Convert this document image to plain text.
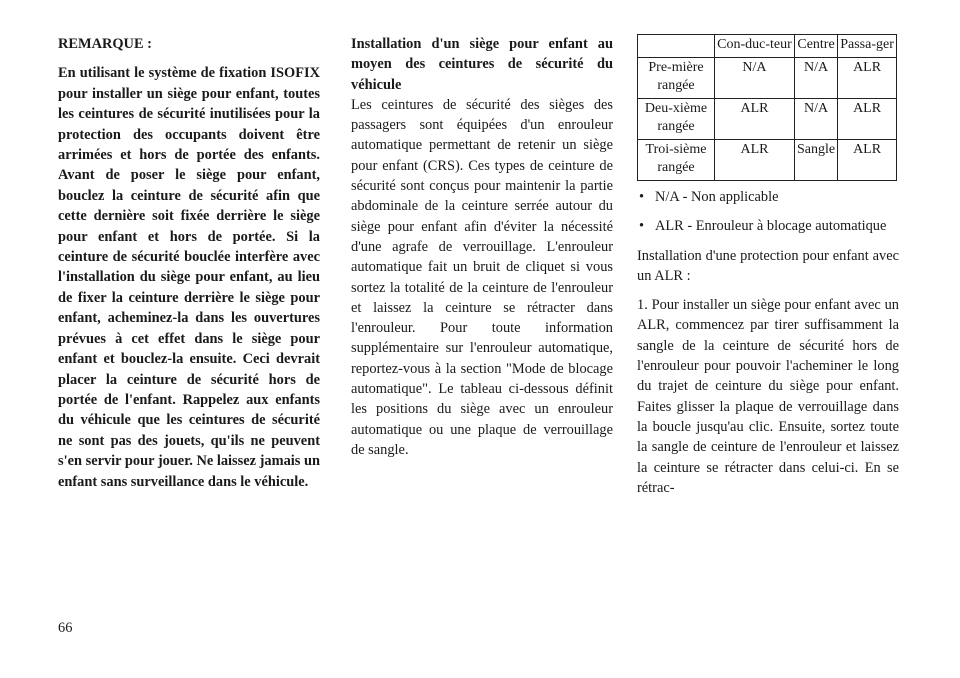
REMARQUE :

En utilisant le système de fixation ISOFIX pour installer un siège pour enfant, toutes les ceintures de sécurité inutilisées pour la protection des occupants doivent être arrimées et hors de portée des enfants. Avant de poser le siège pour enfant, bouclez la ceinture de sécurité afin que cette dernière soit fixée derrière le siège pour enfant et hors de portée. Si la ceinture de sécurité bouclée interfère avec l'installation du siège pour enfant, au lieu de fixer la ceinture derrière le siège pour enfant, acheminez-la dans les ouvertures prévues à cet effet dans le siège pour enfant et bouclez-la ensuite. Ceci devrait placer la ceinture de sécurité hors de portée de l'enfant. Rappelez aux enfants du véhicule que les ceintures de sécurité ne sont pas des jouets, qu'ils ne peuvent s'en servir pour jouer. Ne laissez jamais un enfant sans surveillance dans le véhicule.

Installation d'un siège pour enfant au moyen des ceintures de sécurité du véhicule

Les ceintures de sécurité des sièges des passagers sont équipées d'un enrouleur automatique permettant de retenir un siège pour enfant (CRS). Ces types de ceinture de sécurité sont conçus pour maintenir la partie abdominale de la ceinture serrée autour du siège pour enfant afin d'éviter la nécessité d'une agrafe de verrouillage. L'enrouleur automatique fait un bruit de cliquet si vous sortez la totalité de la ceinture de l'enrouleur et laissez la ceinture se rétracter dans l'enrouleur. Pour toute information supplémentaire sur l'enrouleur automatique, reportez-vous à la section "Mode de blocage automatique". Le tableau ci-dessous définit les positions du siège avec un enrouleur automatique ou une plaque de verrouillage de sangle.

	Con-duc-teur	Centre	Passa-ger
Pre-mière rangée	N/A	N/A	ALR
Deu-xième rangée	ALR	N/A	ALR
Troi-sième rangée	ALR	Sangle	ALR
• N/A - Non applicable
• ALR - Enrouleur à blocage automatique

Installation d'une protection pour enfant avec un ALR :

1. Pour installer un siège pour enfant avec un ALR, commencez par tirer suffisamment la sangle de la ceinture de sécurité hors de l'enrouleur pour pouvoir l'acheminer le long du trajet de ceinture du siège pour enfant. Faites glisser la plaque de verrouillage dans la boucle jusqu'au clic. Ensuite, sortez toute la sangle de ceinture de l'enrouleur et laissez la ceinture se rétracter dans celui-ci. En se rétrac-

66
